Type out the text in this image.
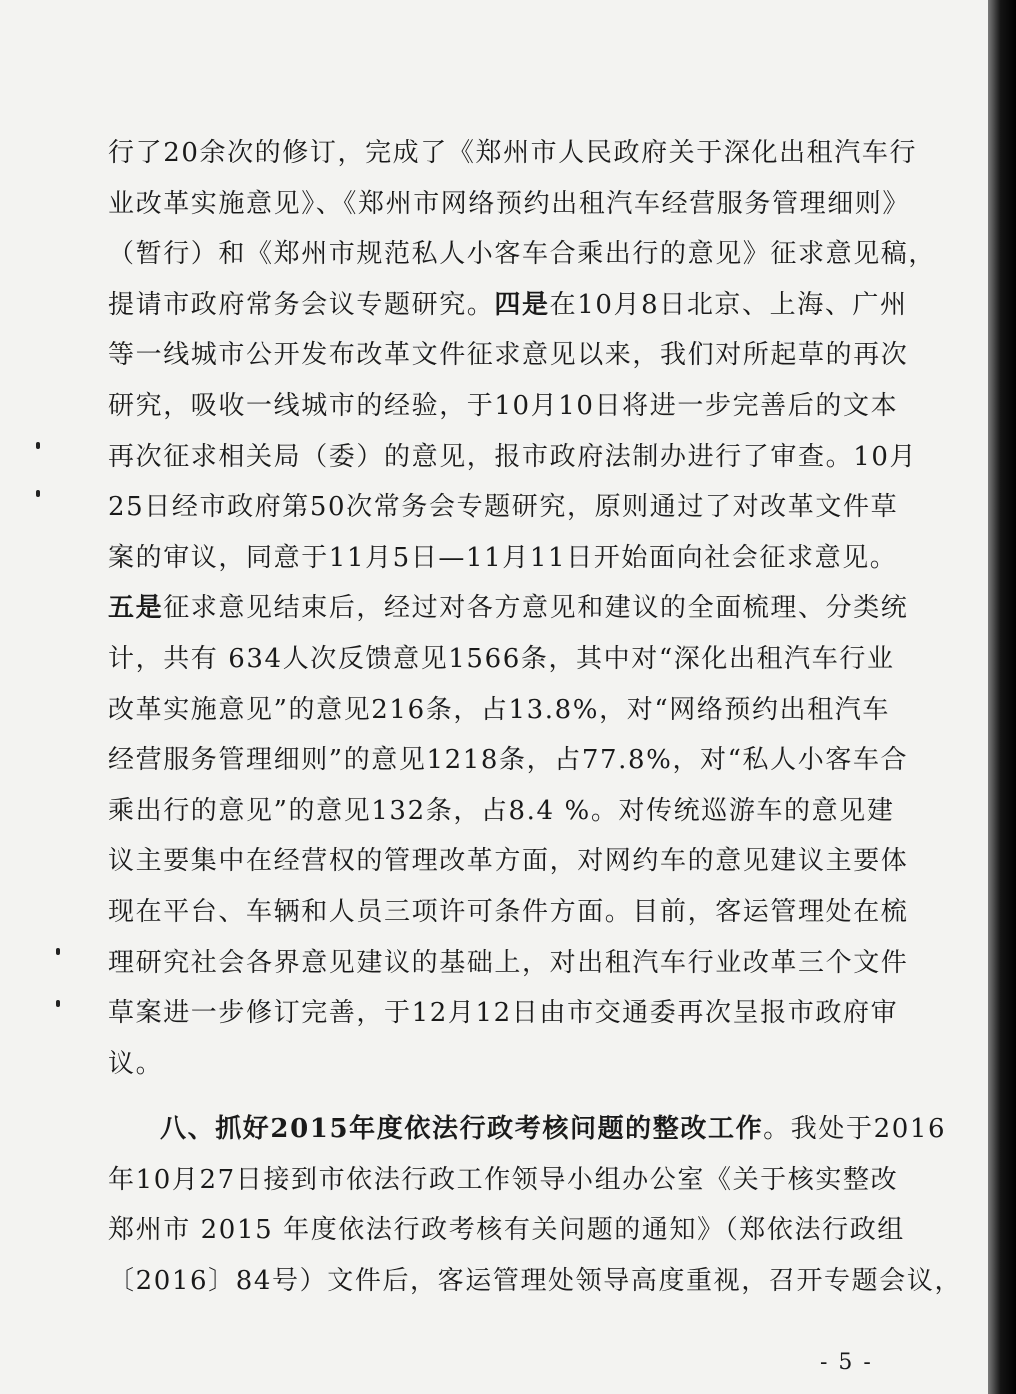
行了20余次的修订，完成了《郑州市人民政府关于深化出租汽车行
业改革实施意见》、《郑州市网络预约出租汽车经营服务管理细则》
（暂行）和《郑州市规范私人小客车合乘出行的意见》征求意见稿，
提请市政府常务会议专题研究。四是在10月8日北京、上海、广州
等一线城市公开发布改革文件征求意见以来，我们对所起草的再次
研究，吸收一线城市的经验，于10月10日将进一步完善后的文本
再次征求相关局（委）的意见，报市政府法制办进行了审查。10月
25日经市政府第50次常务会专题研究，原则通过了对改革文件草
案的审议，同意于11月5日—11月11日开始面向社会征求意见。
五是征求意见结束后，经过对各方意见和建议的全面梳理、分类统
计，共有 634人次反馈意见1566条，其中对“深化出租汽车行业
改革实施意见”的意见216条，占13.8%，对“网络预约出租汽车
经营服务管理细则”的意见1218条，占77.8%，对“私人小客车合
乘出行的意见”的意见132条，占8.4 %。对传统巡游车的意见建
议主要集中在经营权的管理改革方面，对网约车的意见建议主要体
现在平台、车辆和人员三项许可条件方面。目前，客运管理处在梳
理研究社会各界意见建议的基础上，对出租汽车行业改革三个文件
草案进一步修订完善，于12月12日由市交通委再次呈报市政府审
议。
八、抓好2015年度依法行政考核问题的整改工作。我处于2016
年10月27日接到市依法行政工作领导小组办公室《关于核实整改
郑州市 2015 年度依法行政考核有关问题的通知》（郑依法行政组
〔2016〕84号）文件后，客运管理处领导高度重视，召开专题会议，
- 5 -
